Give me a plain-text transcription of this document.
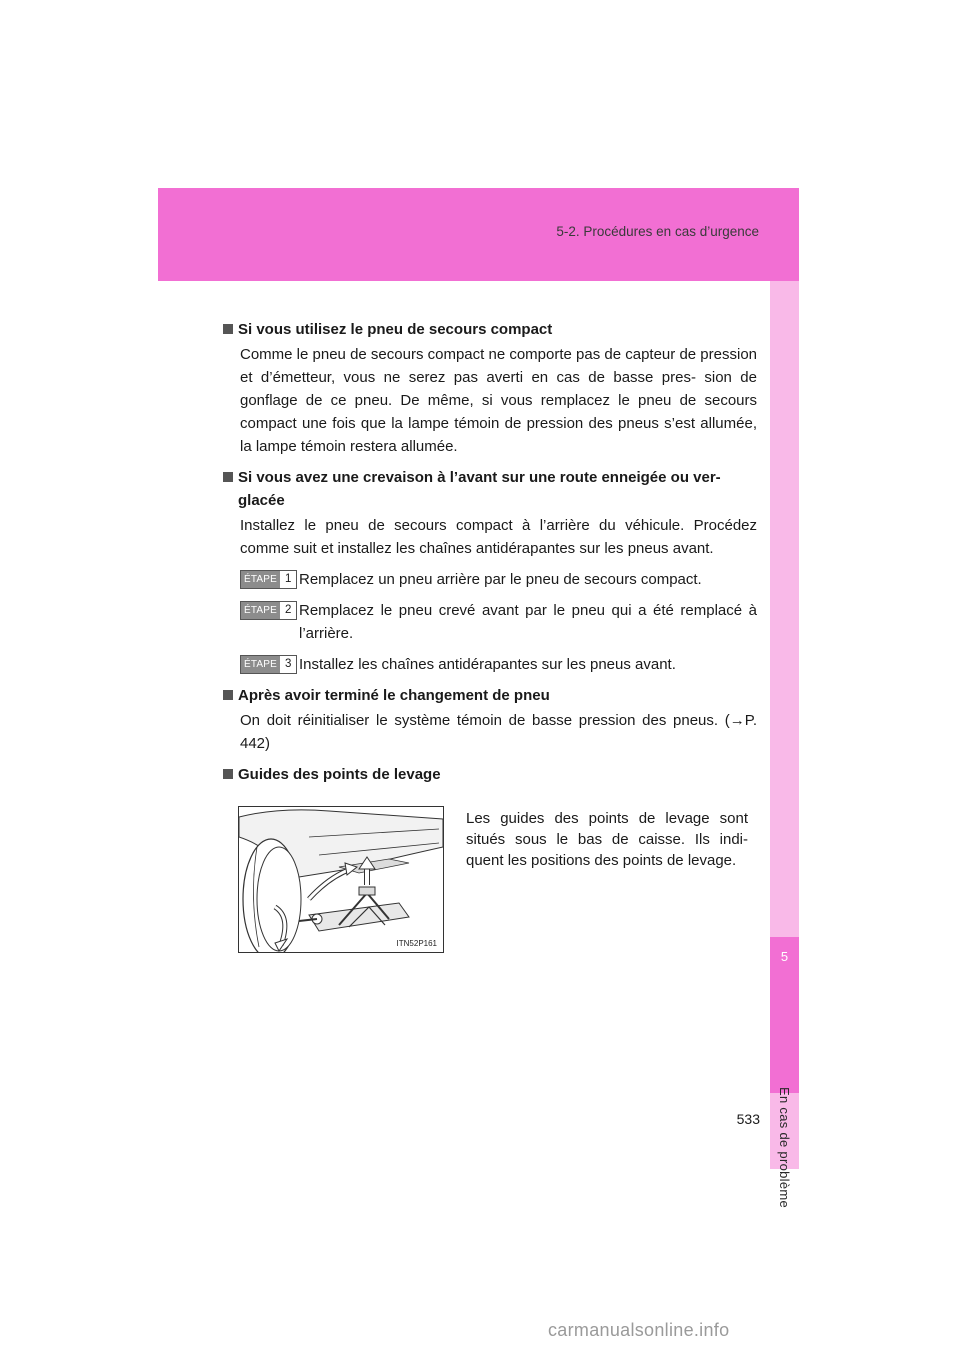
5-2. Procédures en cas d’urgence
5
En cas de problème
Si vous utilisez le pneu de secours compact
Comme le pneu de secours compact ne comporte pas de capteur de pression et d’émetteur, vous ne serez pas averti en cas de basse pres- sion de gonflage de ce pneu. De même, si vous remplacez le pneu de secours compact une fois que la lampe témoin de pression des pneus s’est allumée, la lampe témoin restera allumée.
Si vous avez une crevaison à l’avant sur une route enneigée ou ver- glacée
Installez le pneu de secours compact à l’arrière du véhicule. Procédez comme suit et installez les chaînes antidérapantes sur les pneus avant.
ÉTAPE 1 Remplacez un pneu arrière par le pneu de secours compact.
ÉTAPE 2 Remplacez le pneu crevé avant par le pneu qui a été remplacé à l’arrière.
ÉTAPE 3 Installez les chaînes antidérapantes sur les pneus avant.
Après avoir terminé le changement de pneu
On doit réinitialiser le système témoin de basse pression des pneus. (→P. 442)
Guides des points de levage
ITN52P161
Les guides des points de levage sont situés sous le bas de caisse. Ils indi- quent les positions des points de levage.
533
carmanualsonline.info
